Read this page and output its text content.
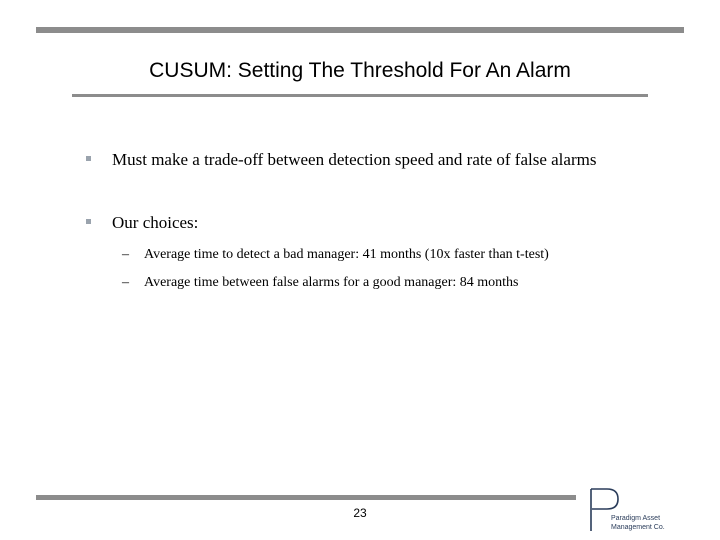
CUSUM: Setting The Threshold For An Alarm
Must make a trade-off between detection speed and rate of false alarms
Our choices:
–	Average time to detect a bad manager: 41 months (10x faster than t-test)
–	Average time between false alarms for a good manager: 84 months
23	Paradigm Asset
Management Co.
